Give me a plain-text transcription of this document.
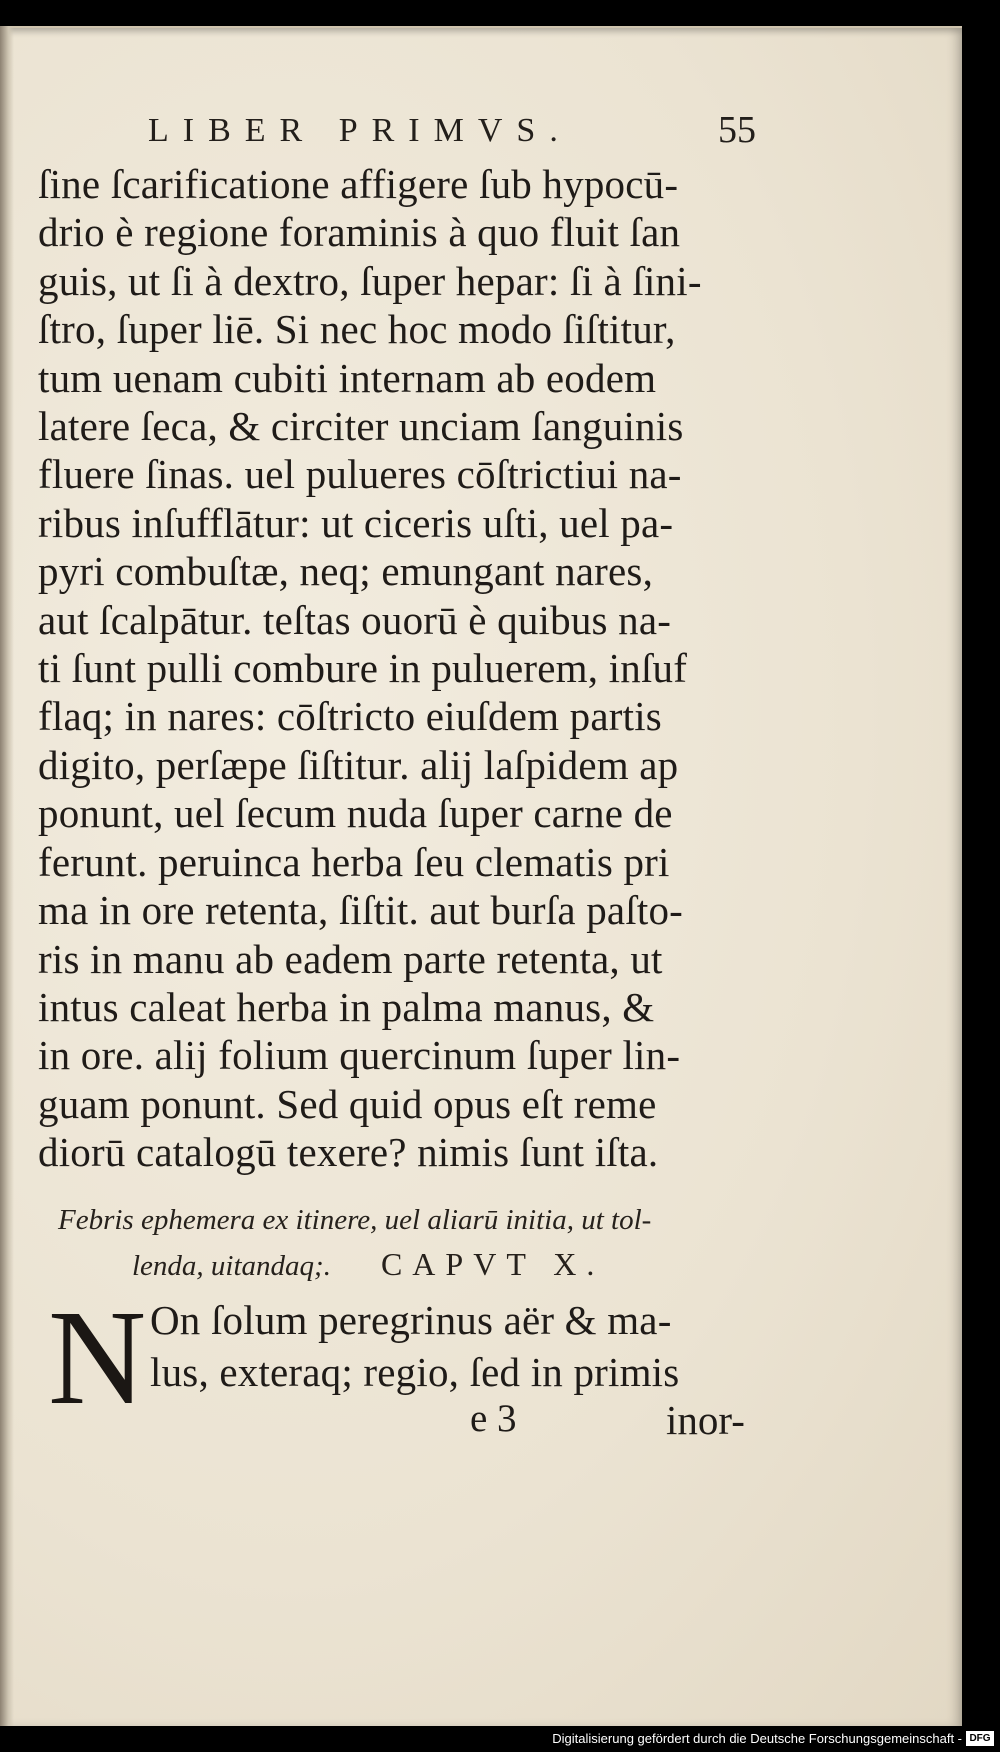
LIBER PRIMVS.	55
ſine ſcarificatione affigere ſub hypocū-
drio è regione foraminis à quo fluit ſan
guis, ut ſi à dextro, ſuper hepar: ſi à ſini-
ſtro, ſuper liē. Si nec hoc modo ſiſtitur,
tum uenam cubiti internam ab eodem
latere ſeca, & circiter unciam ſanguinis
fluere ſinas. uel pulueres cōſtrictiui na-
ribus inſufflātur: ut ciceris uſti, uel pa-
pyri combuſtæ, neq; emungant nares,
aut ſcalpātur. teſtas ouorū è quibus na-
ti ſunt pulli combure in puluerem, inſuf
flaq; in nares: cōſtricto eiuſdem partis
digito, perſæpe ſiſtitur. alij laſpidem ap
ponunt, uel ſecum nuda ſuper carne de
ferunt. peruinca herba ſeu clematis pri
ma in ore retenta, ſiſtit. aut burſa paſto-
ris in manu ab eadem parte retenta, ut
intus caleat herba in palma manus, &
in ore. alij folium quercinum ſuper lin-
guam ponunt. Sed quid opus eſt reme
diorū catalogū texere? nimis ſunt iſta.
Febris ephemera ex itinere, uel aliarū initia, ut tol-
lenda, uitandaq;. CAPVT X.
N On ſolum peregrinus aër & ma-
lus, exteraq; regio, ſed in primis
e 3	inor-
Digitalisierung gefördert durch die Deutsche Forschungsgemeinschaft - DFG
